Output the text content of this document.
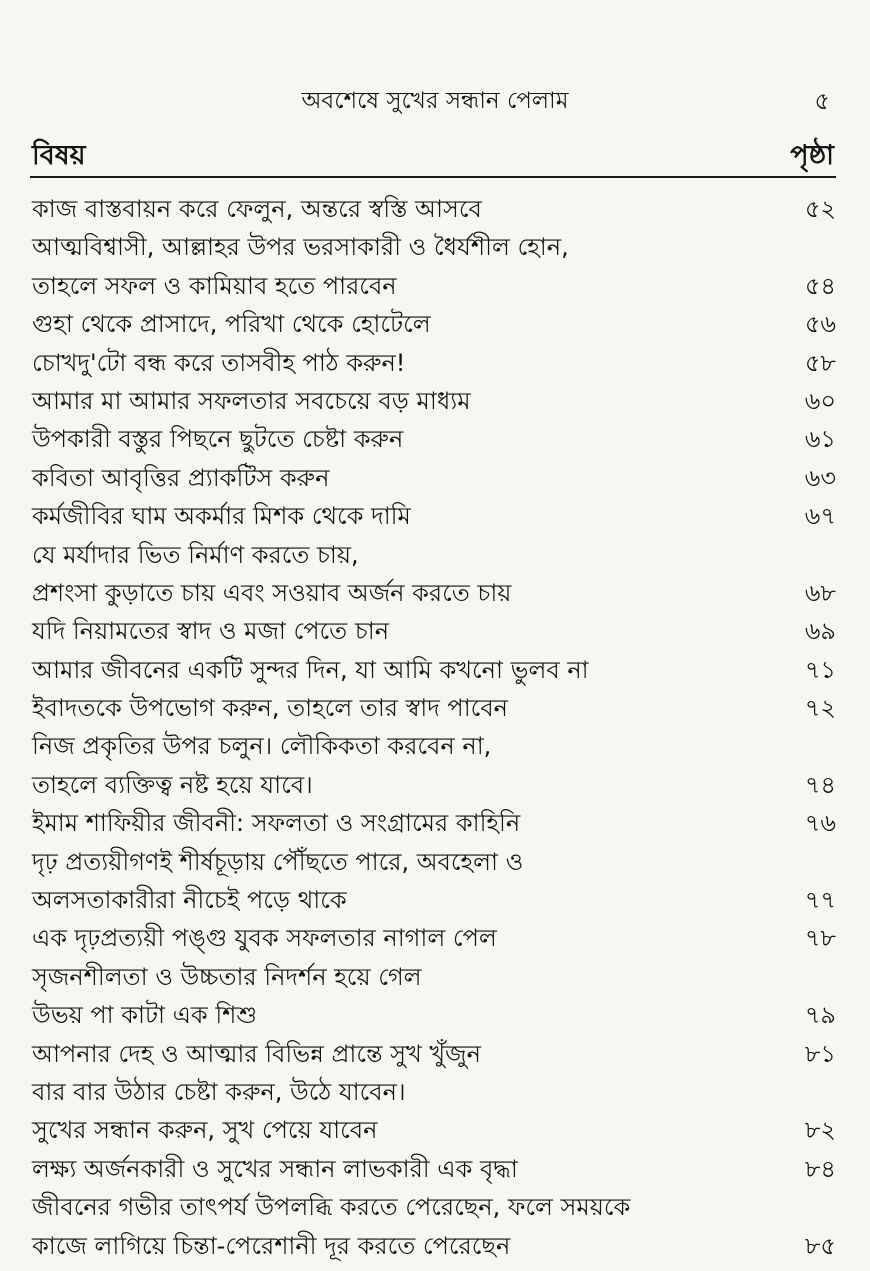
অবশেষে সুখের সন্ধান পেলাম	৫
বিষয়	পৃষ্ঠা
কাজ বাস্তবায়ন করে ফেলুন, অন্তরে স্বস্তি আসবে	৫২
আত্মবিশ্বাসী, আল্লাহর উপর ভরসাকারী ও ধৈর্যশীল হোন,
তাহলে সফল ও কামিয়াব হতে পারবেন	৫৪
গুহা থেকে প্রাসাদে, পরিখা থেকে হোটেলে	৫৬
চোখদু'টো বন্ধ করে তাসবীহ পাঠ করুন!	৫৮
আমার মা আমার সফলতার সবচেয়ে বড় মাধ্যম	৬০
উপকারী বস্তুর পিছনে ছুটতে চেষ্টা করুন	৬১
কবিতা আবৃত্তির প্র্যাকটিস করুন	৬৩
কর্মজীবির ঘাম অকর্মার মিশক থেকে দামি	৬৭
যে মর্যাদার ভিত নির্মাণ করতে চায়,
প্রশংসা কুড়াতে চায় এবং সওয়াব অর্জন করতে চায়	৬৮
যদি নিয়ামতের স্বাদ ও মজা পেতে চান	৬৯
আমার জীবনের একটি সুন্দর দিন, যা আমি কখনো ভুলব না	৭১
ইবাদতকে উপভোগ করুন, তাহলে তার স্বাদ পাবেন	৭২
নিজ প্রকৃতির উপর চলুন। লৌকিকতা করবেন না,
তাহলে ব্যক্তিত্ব নষ্ট হয়ে যাবে।	৭৪
ইমাম শাফিয়ীর জীবনী: সফলতা ও সংগ্রামের কাহিনি	৭৬
দৃঢ় প্রত্যয়ীগণই শীর্ষচূড়ায় পৌঁছতে পারে, অবহেলা ও
অলসতাকারীরা নীচেই পড়ে থাকে	৭৭
এক দৃঢ়প্রত্যয়ী পঙ্গু যুবক সফলতার নাগাল পেল	৭৮
সৃজনশীলতা ও উচ্চতার নিদর্শন হয়ে গেল
উভয় পা কাটা এক শিশু	৭৯
আপনার দেহ ও আত্মার বিভিন্ন প্রান্তে সুখ খুঁজুন	৮১
বার বার উঠার চেষ্টা করুন, উঠে যাবেন।
সুখের সন্ধান করুন, সুখ পেয়ে যাবেন	৮২
লক্ষ্য অর্জনকারী ও সুখের সন্ধান লাভকারী এক বৃদ্ধা	৮৪
জীবনের গভীর তাৎপর্য উপলব্ধি করতে পেরেছেন, ফলে সময়কে
কাজে লাগিয়ে চিন্তা-পেরেশানী দূর করতে পেরেছেন	৮৫
